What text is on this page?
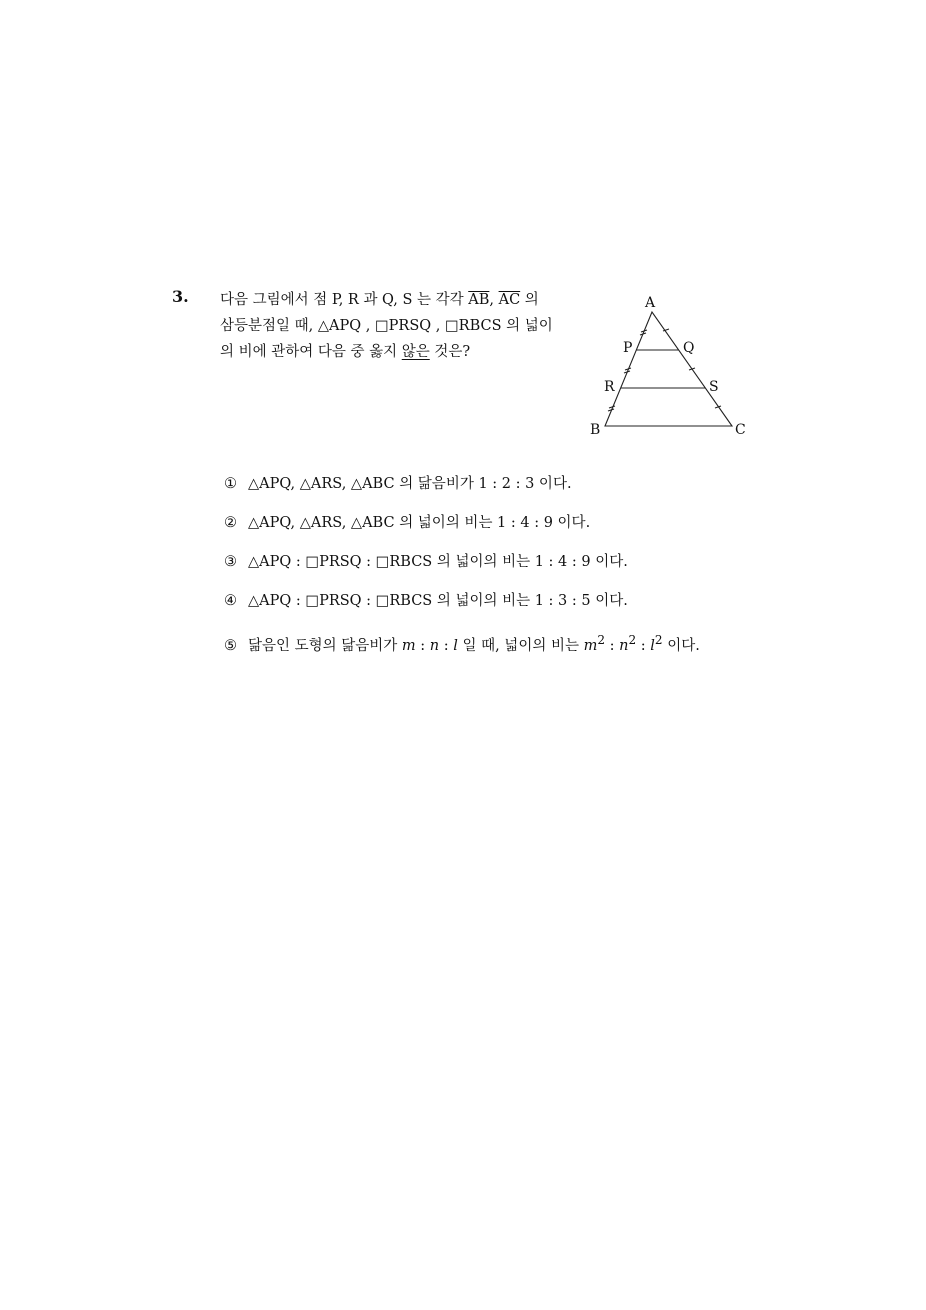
3. 다음 그림에서 점 P, R 과 Q, S 는 각각 $\overline{AB}$, $\overline{AC}$ 의
삼등분점일 때, △APQ , □PRSQ , □RBCS 의 넓이
의 비에 관하여 다음 중 옳지 않은 것은?
A
P	Q
R	S
B	C
① △APQ, △ARS, △ABC 의 닮음비가 1 : 2 : 3 이다.
② △APQ, △ARS, △ABC 의 넓이의 비는 1 : 4 : 9 이다.
③ △APQ : □PRSQ : □RBCS 의 넓이의 비는 1 : 4 : 9 이다.
④ △APQ : □PRSQ : □RBCS 의 넓이의 비는 1 : 3 : 5 이다.
⑤ 닮음인 도형의 닮음비가 m : n : l 일 때, 넓이의 비는 $m^2$ : $n^2$ : $l^2$ 이다.
